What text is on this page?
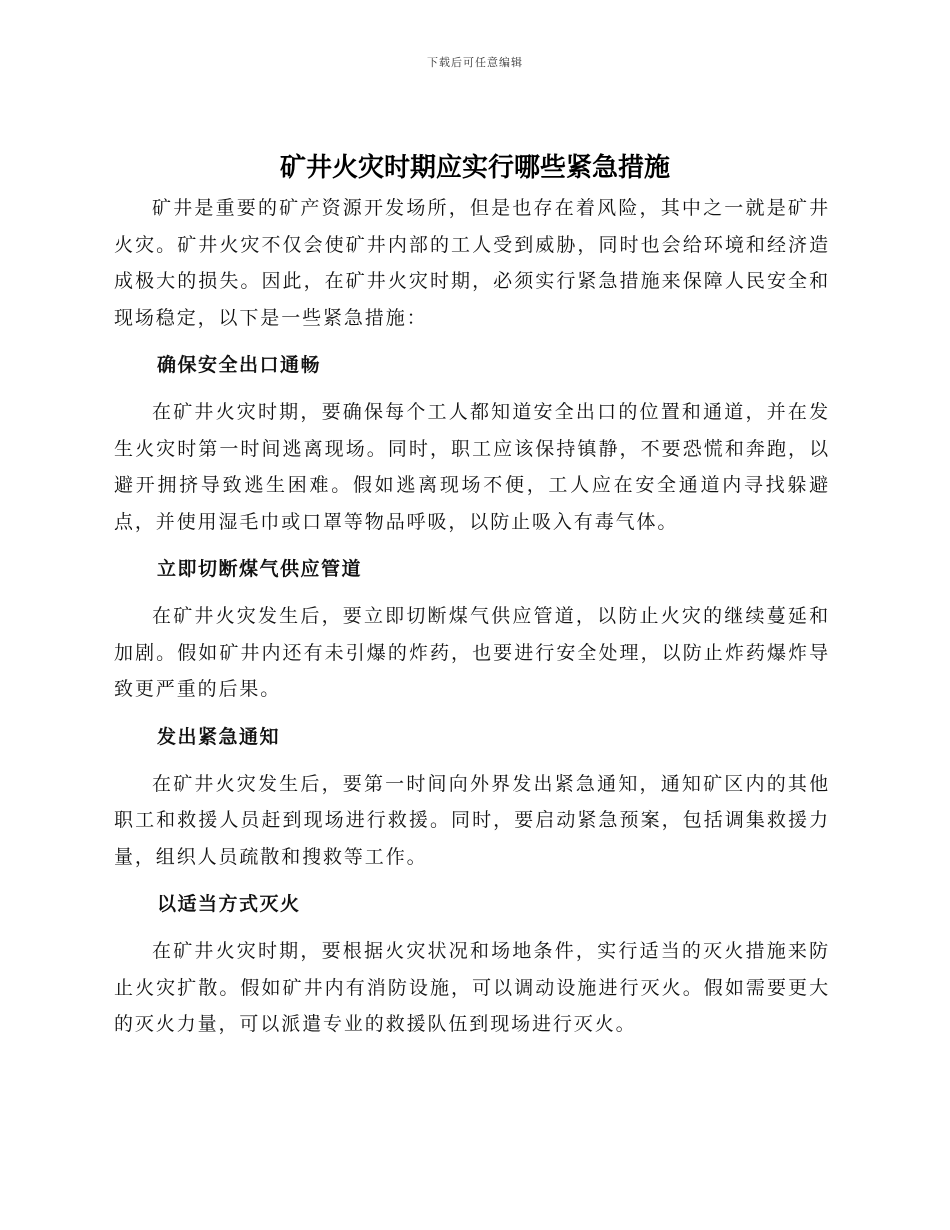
下载后可任意编辑
矿井火灾时期应实行哪些紧急措施

矿井是重要的矿产资源开发场所，但是也存在着风险，其中之一就是矿井火灾。矿井火灾不仅会使矿井内部的工人受到威胁，同时也会给环境和经济造成极大的损失。因此，在矿井火灾时期，必须实行紧急措施来保障人民安全和现场稳定，以下是一些紧急措施：

确保安全出口通畅

在矿井火灾时期，要确保每个工人都知道安全出口的位置和通道，并在发生火灾时第一时间逃离现场。同时，职工应该保持镇静，不要恐慌和奔跑，以避开拥挤导致逃生困难。假如逃离现场不便，工人应在安全通道内寻找躲避点，并使用湿毛巾或口罩等物品呼吸，以防止吸入有毒气体。

立即切断煤气供应管道

在矿井火灾发生后，要立即切断煤气供应管道，以防止火灾的继续蔓延和加剧。假如矿井内还有未引爆的炸药，也要进行安全处理，以防止炸药爆炸导致更严重的后果。

发出紧急通知

在矿井火灾发生后，要第一时间向外界发出紧急通知，通知矿区内的其他职工和救援人员赶到现场进行救援。同时，要启动紧急预案，包括调集救援力量，组织人员疏散和搜救等工作。

以适当方式灭火

在矿井火灾时期，要根据火灾状况和场地条件，实行适当的灭火措施来防止火灾扩散。假如矿井内有消防设施，可以调动设施进行灭火。假如需要更大的灭火力量，可以派遣专业的救援队伍到现场进行灭火。
